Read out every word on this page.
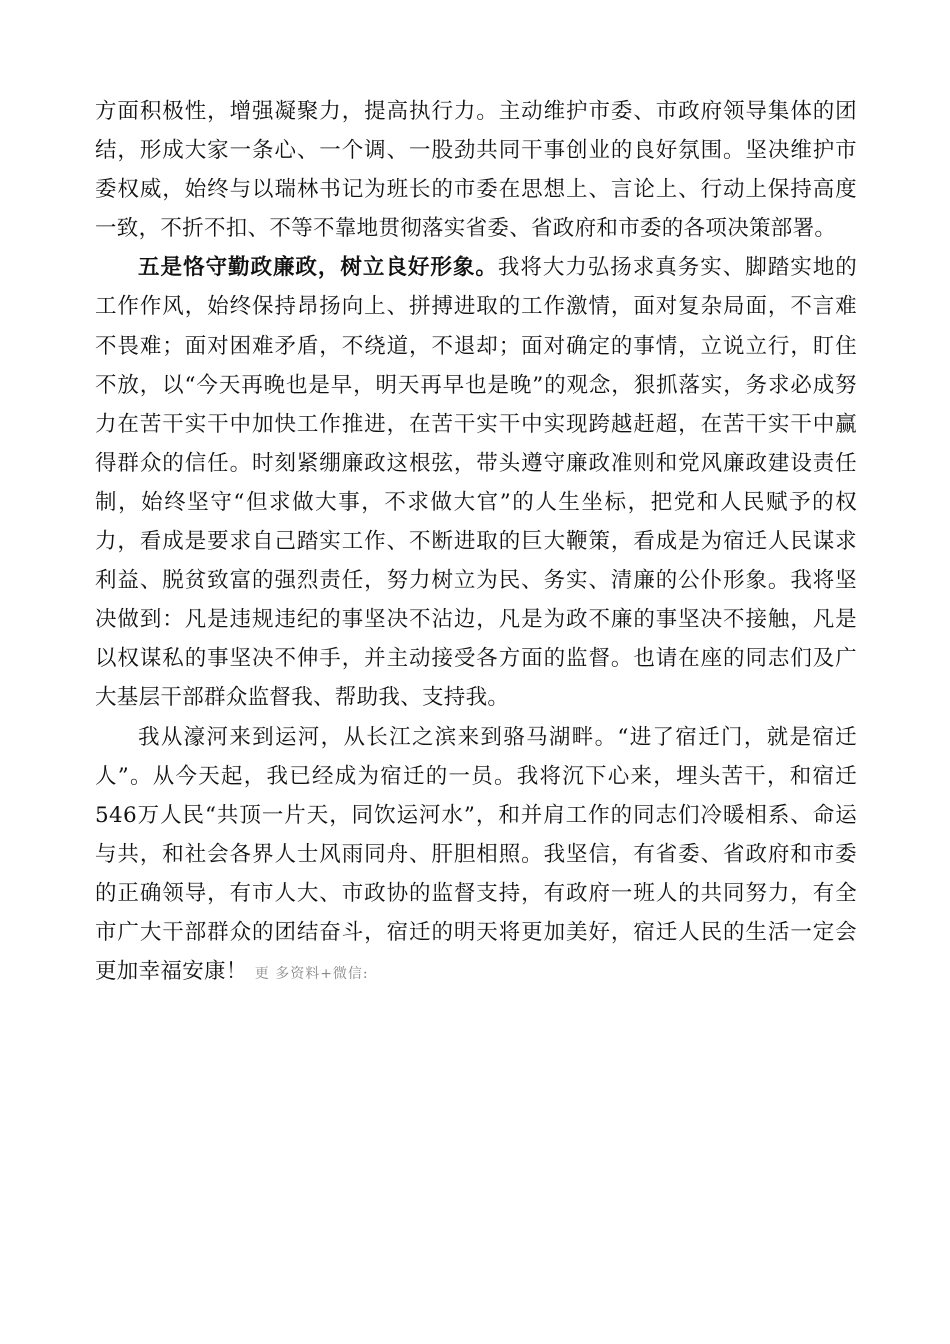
方面积极性，增强凝聚力，提高执行力。主动维护市委、市政府领导集体的团结，形成大家一条心、一个调、一股劲共同干事创业的良好氛围。坚决维护市委权威，始终与以瑞林书记为班长的市委在思想上、言论上、行动上保持高度一致，不折不扣、不等不靠地贯彻落实省委、省政府和市委的各项决策部署。

五是恪守勤政廉政，树立良好形象。我将大力弘扬求真务实、脚踏实地的工作作风，始终保持昂扬向上、拼搏进取的工作激情，面对复杂局面，不言难不畏难；面对困难矛盾，不绕道，不退却；面对确定的事情，立说立行，盯住不放，以“今天再晚也是早，明天再早也是晚”的观念，狠抓落实，务求必成努力在苦干实干中加快工作推进，在苦干实干中实现跨越赶超，在苦干实干中赢得群众的信任。时刻紧绷廉政这根弦，带头遵守廉政准则和党风廉政建设责任制，始终坚守“但求做大事，不求做大官”的人生坐标，把党和人民赋予的权力，看成是要求自己踏实工作、不断进取的巨大鞭策，看成是为宿迁人民谋求利益、脱贫致富的强烈责任，努力树立为民、务实、清廉的公仆形象。我将坚决做到：凡是违规违纪的事坚决不沾边，凡是为政不廉的事坚决不接触，凡是以权谋私的事坚决不伸手，并主动接受各方面的监督。也请在座的同志们及广大基层干部群众监督我、帮助我、支持我。

我从濠河来到运河，从长江之滨来到骆马湖畔。“进了宿迁门，就是宿迁人”。从今天起，我已经成为宿迁的一员。我将沉下心来，埋头苦干，和宿迁546万人民“共顶一片天，同饮运河水”，和并肩工作的同志们冷暖相系、命运与共，和社会各界人士风雨同舟、肝胆相照。我坚信，有省委、省政府和市委的正确领导，有市人大、市政协的监督支持，有政府一班人的共同努力，有全市广大干部群众的团结奋斗，宿迁的明天将更加美好，宿迁人民的生活一定会更加幸福安康！ 更 多资料+微信:
